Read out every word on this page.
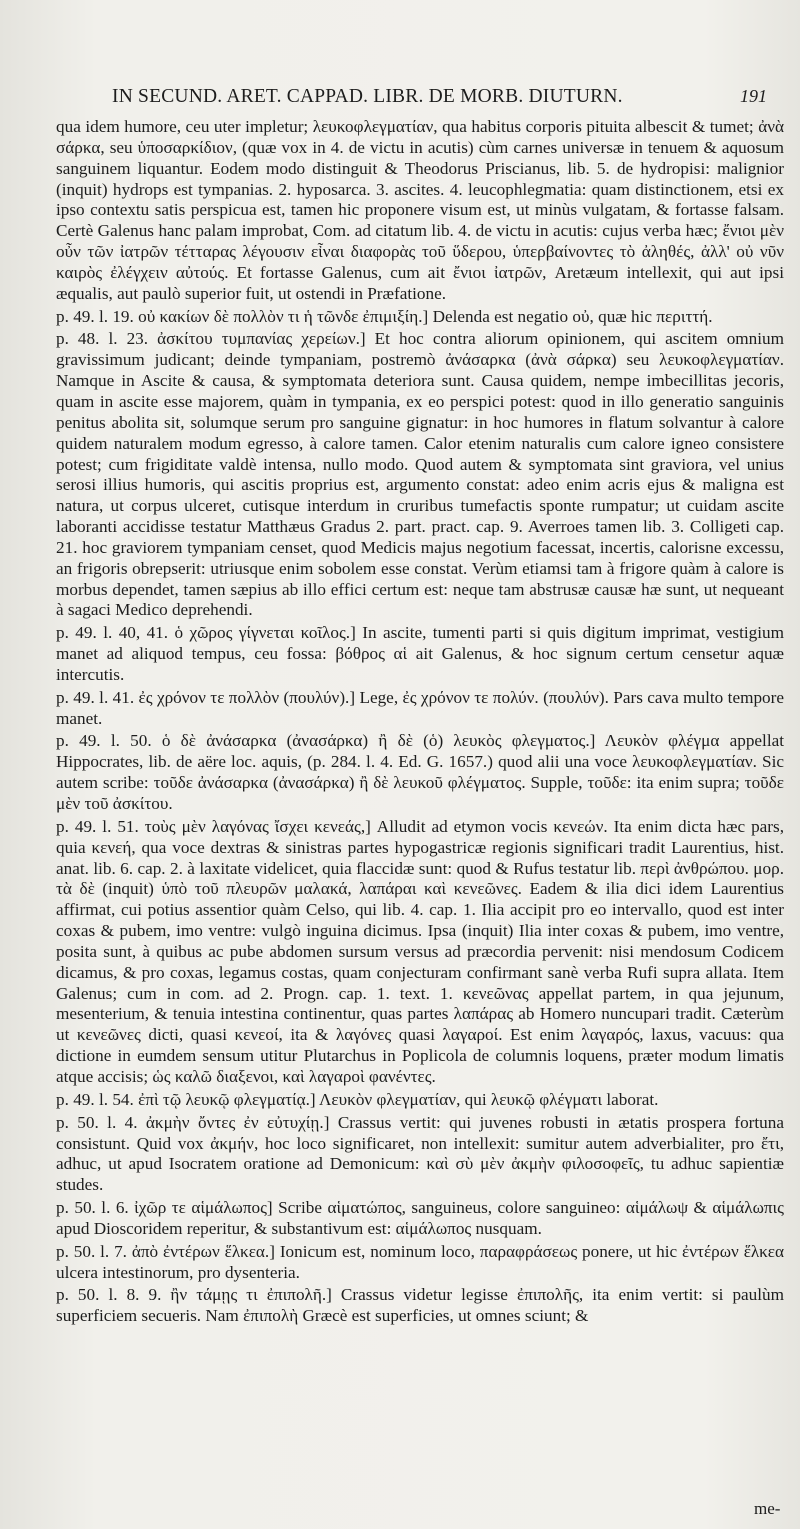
IN SECUND. ARET. CAPPAD. LIBR. DE MORB. DIUTURN.	191

qua idem humore, ceu uter impletur; λευκοφλεγματίαν, qua habitus corporis pituita albescit & tumet; ἀνὰ σάρκα, seu ὑποσαρκίδιον, (quæ vox in 4. de victu in acutis) cùm carnes universæ in tenuem & aquosum sanguinem liquantur. Eodem modo distinguit & Theodorus Priscianus, lib. 5. de hydropisi: malignior (inquit) hydrops est tympanias. 2. hyposarca. 3. ascites. 4. leucophlegmatia: quam distinctionem, etsi ex ipso contextu satis perspicua est, tamen hic proponere visum est, ut minùs vulgatam, & fortasse falsam. Certè Galenus hanc palam improbat, Com. ad citatum lib. 4. de victu in acutis: cujus verba hæc; ἔνιοι μὲν οὖν τῶν ἰατρῶν τέτταρας λέγουσιν εἶναι διαφορὰς τοῦ ὕδερου, ὑπερβαίνοντες τὸ ἀληθές, ἀλλ' οὐ νῦν καιρὸς ἐλέγχειν αὐτούς. Et fortasse Galenus, cum ait ἔνιοι ἰατρῶν, Aretæum intellexit, qui aut ipsi æqualis, aut paulò superior fuit, ut ostendi in Præfatione.

p. 49. l. 19. οὐ κακίων δὲ πολλὸν τι ἡ τῶνδε ἐπιμιξίη.] Delenda est negatio οὐ, quæ hic περιττή.

p. 48. l. 23. ἀσκίτου τυμπανίας χερείων.] Et hoc contra aliorum opinionem, qui ascitem omnium gravissimum judicant; deinde tympaniam, postremò ἀνάσαρκα (ἀνὰ σάρκα) seu λευκοφλεγματίαν. Namque in Ascite & causa, & symptomata deteriora sunt. Causa quidem, nempe imbecillitas jecoris, quam in ascite esse majorem, quàm in tympania, ex eo perspici potest: quod in illo generatio sanguinis penitus abolita sit, solumque serum pro sanguine gignatur: in hoc humores in flatum solvantur à calore quidem naturalem modum egresso, à calore tamen. Calor etenim naturalis cum calore igneo consistere potest; cum frigiditate valdè intensa, nullo modo. Quod autem & symptomata sint graviora, vel unius serosi illius humoris, qui ascitis proprius est, argumento constat: adeo enim acris ejus & maligna est natura, ut corpus ulceret, cutisque interdum in cruribus tumefactis sponte rumpatur; ut cuidam ascite laboranti accidisse testatur Matthæus Gradus 2. part. pract. cap. 9. Averroes tamen lib. 3. Colligeti cap. 21. hoc graviorem tympaniam censet, quod Medicis majus negotium facessat, incertis, calorisne excessu, an frigoris obrepserit: utriusque enim sobolem esse constat. Verùm etiamsi tam à frigore quàm à calore is morbus dependet, tamen sæpius ab illo effici certum est: neque tam abstrusæ causæ hæ sunt, ut nequeant à sagaci Medico deprehendi.

p. 49. l. 40, 41. ὁ χῶρος γίγνεται κοῖλος.] In ascite, tumenti parti si quis digitum imprimat, vestigium manet ad aliquod tempus, ceu fossa: βόθρος αἱ ait Galenus, & hoc signum certum censetur aquæ intercutis.

p. 49. l. 41. ἐς χρόνον τε πολλὸν (πουλύν).] Lege, ἐς χρόνον τε πολύν. (πουλύν). Pars cava multo tempore manet.

p. 49. l. 50. ὁ δὲ ἀνάσαρκα (ἀνασάρκα) ἢ δὲ (ὁ) λευκὸς φλεγματος.] Λευκὸν φλέγμα appellat Hippocrates, lib. de aëre loc. aquis, (p. 284. l. 4. Ed. G. 1657.) quod alii una voce λευκοφλεγματίαν. Sic autem scribe: τοῦδε ἀνάσαρκα (ἀνασάρκα) ἢ δὲ λευκοῦ φλέγματος. Supple, τοῦδε: ita enim supra; τοῦδε μὲν τοῦ ἀσκίτου.

p. 49. l. 51. τοὺς μὲν λαγόνας ἴσχει κενεάς,] Alludit ad etymon vocis κενεών. Ita enim dicta hæc pars, quia κενεή, qua voce dextras & sinistras partes hypogastricæ regionis significari tradit Laurentius, hist. anat. lib. 6. cap. 2. à laxitate videlicet, quia flaccidæ sunt: quod & Rufus testatur lib. περὶ ἀνθρώπου. μορ. τὰ δὲ (inquit) ὑπὸ τοῦ πλευρῶν μαλακά, λαπάραι καὶ κενεῶνες. Eadem & ilia dici idem Laurentius affirmat, cui potius assentior quàm Celso, qui lib. 4. cap. 1. Ilia accipit pro eo intervallo, quod est inter coxas & pubem, imo ventre: vulgò inguina dicimus. Ipsa (inquit) Ilia inter coxas & pubem, imo ventre, posita sunt, à quibus ac pube abdomen sursum versus ad præcordia pervenit: nisi mendosum Codicem dicamus, & pro coxas, legamus costas, quam conjecturam confirmant sanè verba Rufi supra allata. Item Galenus; cum in com. ad 2. Progn. cap. 1. text. 1. κενεῶνας appellat partem, in qua jejunum, mesenterium, & tenuia intestina continentur, quas partes λαπάρας ab Homero nuncupari tradit. Cæterùm ut κενεῶνες dicti, quasi κενεοί, ita & λαγόνες quasi λαγαροί. Est enim λαγαρός, laxus, vacuus: qua dictione in eumdem sensum utitur Plutarchus in Poplicola de columnis loquens, præter modum limatis atque accisis; ὡς καλῶ διαξενοι, καὶ λαγαροὶ φανέντες.

p. 49. l. 54. ἐπὶ τῷ λευκῷ φλεγματίᾳ.] Λευκὸν φλεγματίαν, qui λευκῷ φλέγματι laborat.

p. 50. l. 4. ἀκμὴν ὄντες ἐν εὐτυχίῃ.] Crassus vertit: qui juvenes robusti in ætatis prospera fortuna consistunt. Quid vox ἀκμήν, hoc loco significaret, non intellexit: sumitur autem adverbialiter, pro ἔτι, adhuc, ut apud Isocratem oratione ad Demonicum: καὶ σὺ μὲν ἀκμὴν φιλοσοφεῖς, tu adhuc sapientiæ studes.

p. 50. l. 6. ἰχῶρ τε αἱμάλωπος] Scribe αἱματώπος, sanguineus, colore sanguineo: αἱμάλωψ & αἱμάλωπις apud Dioscoridem reperitur, & substantivum est: αἱμάλωπος nusquam.

p. 50. l. 7. ἀπὸ ἐντέρων ἕλκεα.] Ionicum est, nominum loco, παραφράσεως ponere, ut hic ἐντέρων ἕλκεα ulcera intestinorum, pro dysenteria.

p. 50. l. 8. 9. ἢν τάμῃς τι ἐπιπολῆ.] Crassus videtur legisse ἐπιπολῆς, ita enim vertit: si paulùm superficiem secueris. Nam ἐπιπολὴ Græcè est superficies, ut omnes sciunt; &

me-
